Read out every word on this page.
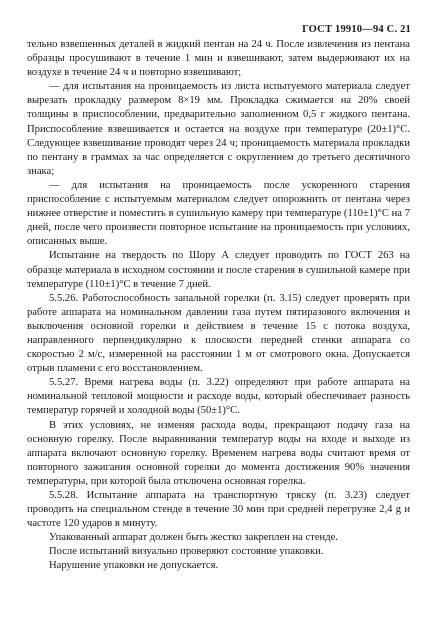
ГОСТ 19910—94 С. 21

тельно взвешенных деталей в жидкий пентан на 24 ч. После извлечения из пентана образцы просушивают в течение 1 мин и взвешивают, затем выдерживают их на воздухе в течение 24 ч и повторно взвешивают;

— для испытания на проницаемость из листа испытуемого материала следует вырезать прокладку размером 8×19 мм. Прокладка сжимается на 20% своей толщины в приспособлении, предварительно заполненном 0,5 г жидкого пентана. Приспособление взвешивается и остается на воздухе при температуре (20±1)°С. Следующее взвешивание проводят через 24 ч; проницаемость материала прокладки по пентану в граммах за час определяется с округлением до третьего десятичного знака;

— для испытания на проницаемость после ускоренного старения приспособление с испытуемым материалом следует опорожнить от пентана через нижнее отверстие и поместить в сушильную камеру при температуре (110±1)°С на 7 дней, после чего произвести повторное испытание на проницаемость при условиях, описанных выше.

Испытание на твердость по Шору А следует проводить по ГОСТ 263 на образце материала в исходном состоянии и после старения в сушильной камере при температуре (110±1)°С в течение 7 дней.

5.5.26. Работоспособность запальной горелки (п. 3.15) следует проверять при работе аппарата на номинальном давлении газа путем пятиразового включения и выключения основной горелки и действием в течение 15 с потока воздуха, направленного перпендикулярно к плоскости передней стенки аппарата со скоростью 2 м/с, измеренной на расстоянии 1 м от смотрового окна. Допускается отрыв пламени с его восстановлением.

5.5.27. Время нагрева воды (п. 3.22) определяют при работе аппарата на номинальной тепловой мощности и расходе воды, который обеспечивает разность температур горячей и холодной воды (50±1)°С.

В этих условиях, не изменяя расхода воды, прекращают подачу газа на основную горелку. После выравнивания температур воды на входе и выходе из аппарата включают основную горелку. Временем нагрева воды считают время от повторного зажигания основной горелки до момента достижения 90% значения температуры, при которой была отключена основная горелка.

5.5.28. Испытание аппарата на транспортную тряску (п. 3.23) следует проводить на специальном стенде в течение 30 мин при средней перегрузке 2,4 g и частоте 120 ударов в минуту.

Упакованный аппарат должен быть жестко закреплен на стенде.

После испытаний визуально проверяют состояние упаковки.

Нарушение упаковки не допускается.
